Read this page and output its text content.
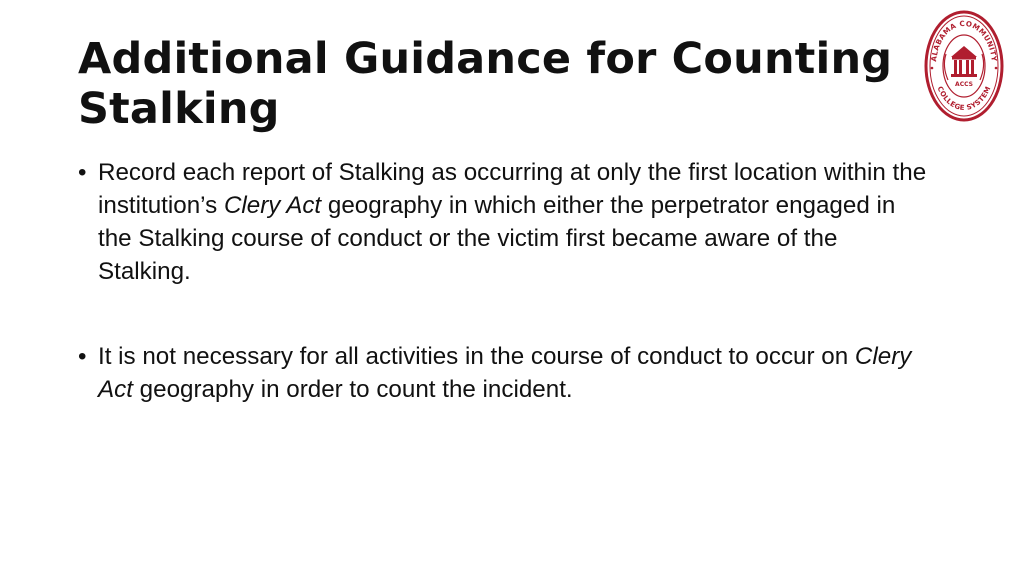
Additional Guidance for Counting Stalking
• Record each report of Stalking as occurring at only the first location within the institution’s Clery Act geography in which either the perpetrator engaged in the Stalking course of conduct or the victim first became aware of the Stalking.
• It is not necessary for all activities in the course of conduct to occur on Clery Act geography in order to count the incident.
ALABAMA COMMUNITY
COLLEGE SYSTEM
ACCS
